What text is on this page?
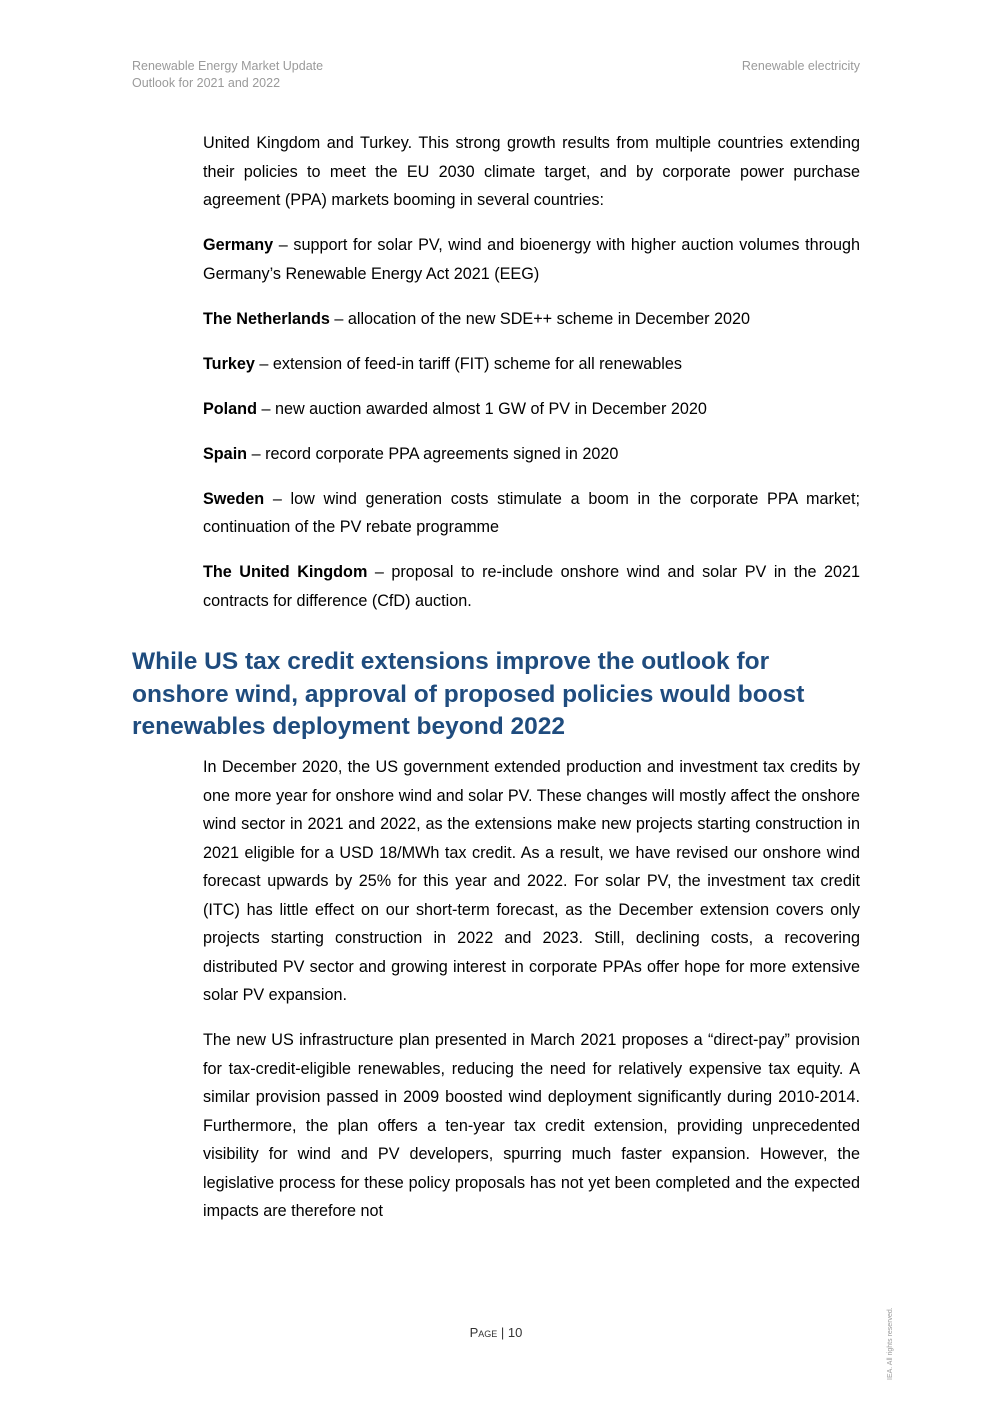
Renewable Energy Market Update
Outlook for 2021 and 2022
Renewable electricity

United Kingdom and Turkey. This strong growth results from multiple countries extending their policies to meet the EU 2030 climate target, and by corporate power purchase agreement (PPA) markets booming in several countries:

Germany – support for solar PV, wind and bioenergy with higher auction volumes through Germany’s Renewable Energy Act 2021 (EEG)

The Netherlands – allocation of the new SDE++ scheme in December 2020

Turkey – extension of feed-in tariff (FIT) scheme for all renewables

Poland – new auction awarded almost 1 GW of PV in December 2020

Spain – record corporate PPA agreements signed in 2020

Sweden – low wind generation costs stimulate a boom in the corporate PPA market; continuation of the PV rebate programme

The United Kingdom – proposal to re-include onshore wind and solar PV in the 2021 contracts for difference (CfD) auction.

While US tax credit extensions improve the outlook for onshore wind, approval of proposed policies would boost renewables deployment beyond 2022

In December 2020, the US government extended production and investment tax credits by one more year for onshore wind and solar PV. These changes will mostly affect the onshore wind sector in 2021 and 2022, as the extensions make new projects starting construction in 2021 eligible for a USD 18/MWh tax credit. As a result, we have revised our onshore wind forecast upwards by 25% for this year and 2022. For solar PV, the investment tax credit (ITC) has little effect on our short-term forecast, as the December extension covers only projects starting construction in 2022 and 2023. Still, declining costs, a recovering distributed PV sector and growing interest in corporate PPAs offer hope for more extensive solar PV expansion.

The new US infrastructure plan presented in March 2021 proposes a “direct-pay” provision for tax-credit-eligible renewables, reducing the need for relatively expensive tax equity. A similar provision passed in 2009 boosted wind deployment significantly during 2010-2014. Furthermore, the plan offers a ten-year tax credit extension, providing unprecedented visibility for wind and PV developers, spurring much faster expansion. However, the legislative process for these policy proposals has not yet been completed and the expected impacts are therefore not

Page | 10	IEA. All rights reserved.
